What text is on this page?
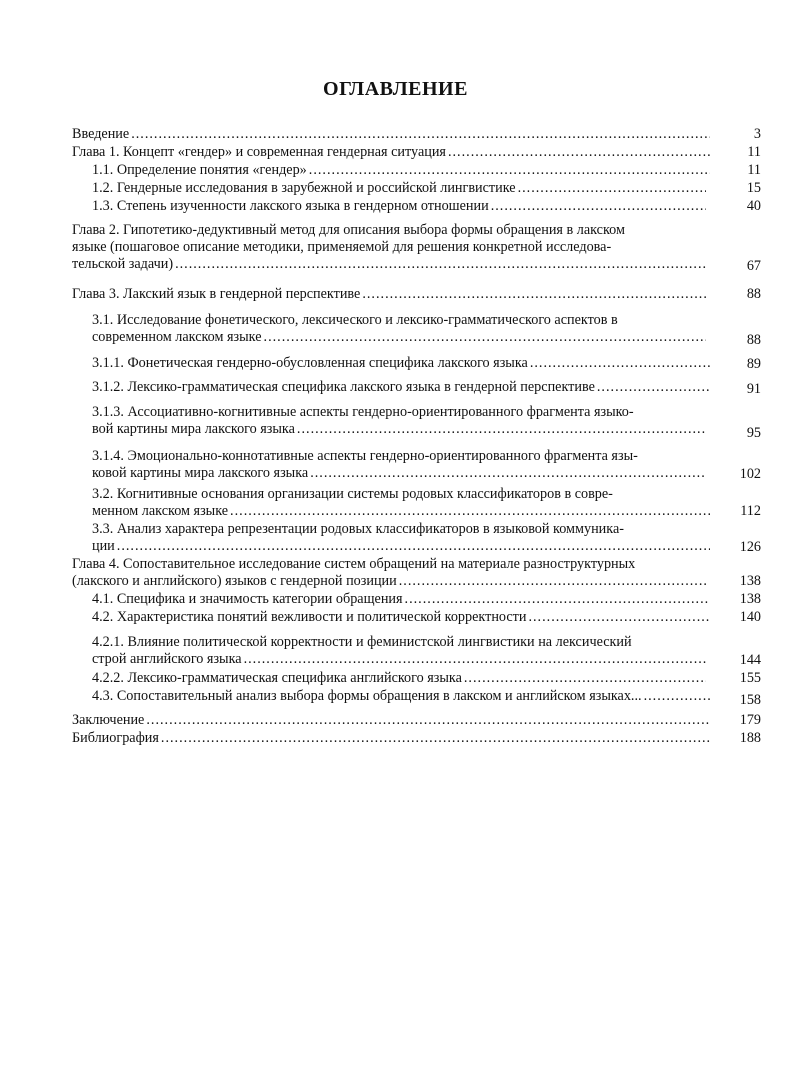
ОГЛАВЛЕНИЕ
Введение .....	3
Глава 1. Концепт «гендер» и современная гендерная ситуация .....	11
1.1. Определение понятия «гендер» .....	11
1.2. Гендерные исследования в зарубежной и российской лингвистике .....	15
1.3. Степень изученности лакского языка в гендерном отношении .....	40
Глава 2. Гипотетико-дедуктивный метод для описания выбора формы обращения в лакском
языке (пошаговое описание методики, применяемой для решения конкретной исследова-
тельской задачи) .....	67
Глава 3. Лакский язык в гендерной перспективе .....	88
3.1. Исследование фонетического, лексического и лексико-грамматического аспектов в
современном лакском языке .....	88
3.1.1. Фонетическая гендерно-обусловленная специфика лакского языка .....	89
3.1.2. Лексико-грамматическая специфика лакского языка в гендерной перспективе .....	91
3.1.3. Ассоциативно-когнитивные аспекты гендерно-ориентированного фрагмента языко-
вой картины мира лакского языка .....	95
3.1.4. Эмоционально-коннотативные аспекты гендерно-ориентированного фрагмента язы-
ковой картины мира лакского языка .....	102
3.2. Когнитивные основания организации системы родовых классификаторов в совре-
менном лакском языке .....	112
3.3. Анализ характера репрезентации родовых классификаторов в языковой коммуника-
ции .....	126
Глава 4. Сопоставительное исследование систем обращений на материале разноструктурных
(лакского и английского) языков с гендерной позиции .....	138
4.1. Специфика и значимость категории обращения .....	138
4.2. Характеристика понятий вежливости и политической корректности .....	140
4.2.1. Влияние политической корректности и феминистской лингвистики на лексический
строй английского языка .....	144
4.2.2. Лексико-грамматическая специфика английского языка .....	155
4.3. Сопоставительный анализ выбора формы обращения в лакском и английском языках... .....	158
Заключение .....	179
Библиография .....	188
